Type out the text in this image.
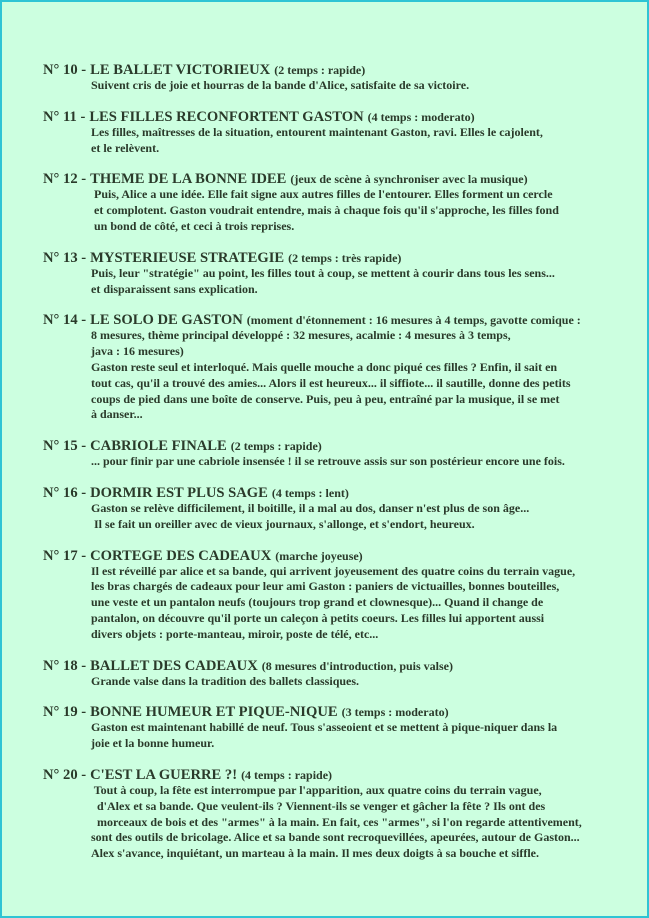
N° 10 - LE BALLET VICTORIEUX (2 temps : rapide)
Suivent cris de joie et hourras de la bande d'Alice, satisfaite de sa victoire.
N° 11 - LES FILLES RECONFORTENT GASTON (4 temps : moderato)
Les filles, maîtresses de la situation, entourent maintenant Gaston, ravi. Elles le cajolent,
et le relèvent.
N° 12 - THEME DE LA BONNE IDEE (jeux de scène à synchroniser avec la musique)
Puis, Alice a une idée. Elle fait signe aux autres filles de l'entourer. Elles forment un cercle
et complotent. Gaston voudrait entendre, mais à chaque fois qu'il s'approche, les filles fond
un bond de côté, et ceci à trois reprises.
N° 13 - MYSTERIEUSE STRATEGIE (2 temps : très rapide)
Puis, leur "stratégie" au point, les filles tout à coup, se mettent à courir dans tous les sens...
et disparaissent sans explication.
N° 14 - LE SOLO DE GASTON (moment d'étonnement : 16 mesures à 4 temps, gavotte comique :
8 mesures, thème principal développé : 32 mesures, acalmie : 4 mesures à 3 temps,
java : 16 mesures)
Gaston reste seul et interloqué. Mais quelle mouche a donc piqué ces filles ? Enfin, il sait en
tout cas, qu'il a trouvé des amies... Alors il est heureux... il siffiote... il sautille, donne des petits
coups de pied dans une boîte de conserve. Puis, peu à peu, entraîné par la musique, il se met
à danser...
N° 15 - CABRIOLE FINALE (2 temps : rapide)
... pour finir par une cabriole insensée ! il se retrouve assis sur son postérieur encore une fois.
N° 16 - DORMIR EST PLUS SAGE (4 temps : lent)
Gaston se relève difficilement, il boitille, il a mal au dos, danser n'est plus de son âge...
Il se fait un oreiller avec de vieux journaux, s'allonge, et s'endort, heureux.
N° 17 - CORTEGE DES CADEAUX (marche joyeuse)
Il est réveillé par alice et sa bande, qui arrivent joyeusement des quatre coins du terrain vague,
les bras chargés de cadeaux pour leur ami Gaston : paniers de victuailles, bonnes bouteilles,
une veste et un pantalon neufs (toujours trop grand et clownesque)... Quand il change de
pantalon, on découvre qu'il porte un caleçon à petits coeurs. Les filles lui apportent aussi
divers objets : porte-manteau, miroir, poste de télé, etc...
N° 18 - BALLET DES CADEAUX (8 mesures d'introduction, puis valse)
Grande valse dans la tradition des ballets classiques.
N° 19 - BONNE HUMEUR ET PIQUE-NIQUE (3 temps : moderato)
Gaston est maintenant habillé de neuf. Tous s'asseoient et se mettent à pique-niquer dans la
joie et la bonne humeur.
N° 20 - C'EST LA GUERRE ?! (4 temps : rapide)
Tout à coup, la fête est interrompue par l'apparition, aux quatre coins du terrain vague,
d'Alex et sa bande. Que veulent-ils ? Viennent-ils se venger et gâcher la fête ? Ils ont des
morceaux de bois et des "armes" à la main. En fait, ces "armes", si l'on regarde attentivement,
sont des outils de bricolage. Alice et sa bande sont recroquevillées, apeurées, autour de Gaston...
Alex s'avance, inquiétant, un marteau à la main. Il mes deux doigts à sa bouche et siffle.
